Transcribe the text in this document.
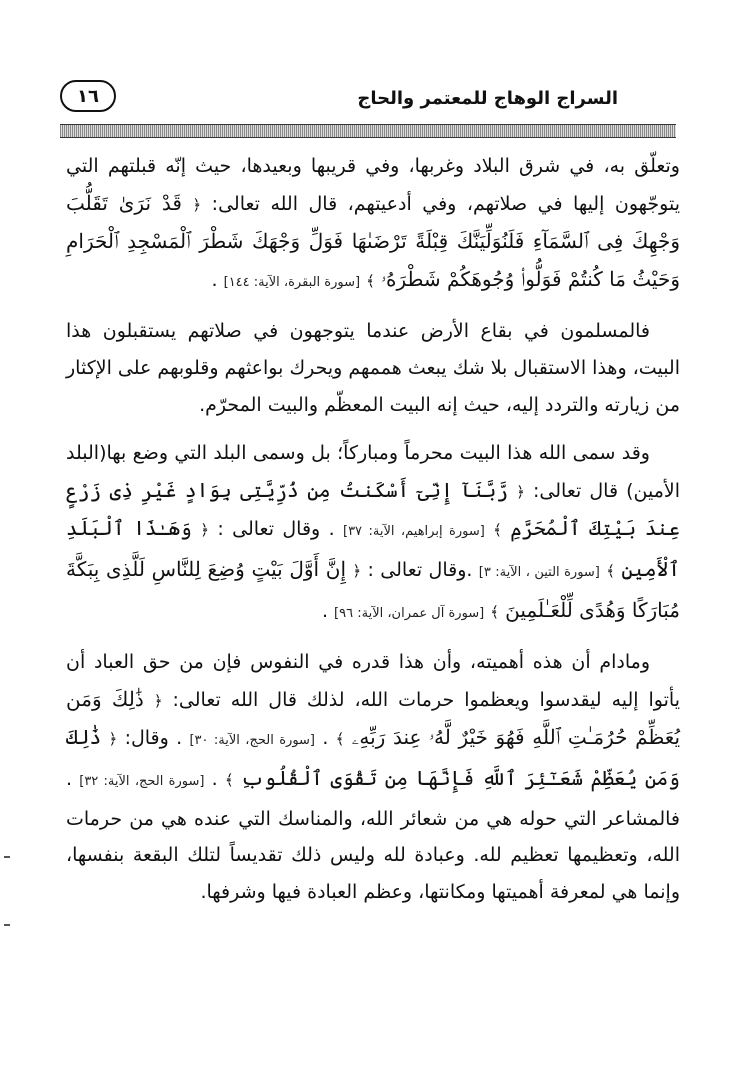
السراج الوهاج للمعتمر والحاج
١٦

وتعلّق به، في شرق البلاد وغربها، وفي قريبها وبعيدها، حيث إنّه قبلتهم التي يتوجّهون إليها في صلاتهم، وفي أدعيتهم، قال الله تعالى: ﴿ قَدْ نَرَىٰ تَقَلُّبَ وَجْهِكَ فِى ٱلسَّمَآءِ فَلَنُوَلِّيَنَّكَ قِبْلَةً تَرْضَىٰهَا فَوَلِّ وَجْهَكَ شَطْرَ ٱلْمَسْجِدِ ٱلْحَرَامِ وَحَيْثُ مَا كُنتُمْ فَوَلُّوا۟ وُجُوهَكُمْ شَطْرَهُۥ ﴾ [سورة البقرة، الآية: ١٤٤] .

فالمسلمون في بقاع الأرض عندما يتوجهون في صلاتهم يستقبلون هذا البيت، وهذا الاستقبال بلا شك يبعث هممهم ويحرك بواعثهم وقلوبهم على الإكثار من زيارته والتردد إليه، حيث إنه البيت المعظّم والبيت المحرّم.

وقد سمى الله هذا البيت محرماً ومباركاً؛ بل وسمى البلد التي وضع بها(البلد الأمين) قال تعالى: ﴿ رَّبَّنَآ إِنِّىٓ أَسْكَنتُ مِن ذُرِّيَّتِى بِوَادٍ غَيْرِ ذِى زَرْعٍ عِندَ بَيْتِكَ ٱلْمُحَرَّمِ ﴾ [سورة إبراهيم، الآية: ٣٧] . وقال تعالى : ﴿ وَهَـٰذَا ٱلْبَلَدِ ٱلْأَمِينِ ﴾ [سورة التين ، الآية: ٣] .وقال تعالى : ﴿ إِنَّ أَوَّلَ بَيْتٍ وُضِعَ لِلنَّاسِ لَلَّذِى بِبَكَّةَ مُبَارَكًا وَهُدًى لِّلْعَـٰلَمِينَ ﴾ [سورة آل عمران، الآية: ٩٦] .

ومادام أن هذه أهميته، وأن هذا قدره في النفوس فإن من حق العباد أن يأتوا إليه ليقدسوا ويعظموا حرمات الله، لذلك قال الله تعالى: ﴿ ذَٰلِكَ وَمَن يُعَظِّمْ حُرُمَـٰتِ ٱللَّهِ فَهُوَ خَيْرٌ لَّهُۥ عِندَ رَبِّهِۦ ﴾ . [سورة الحج، الآية: ٣٠] . وقال: ﴿ ذَٰلِكَ وَمَن يُعَظِّمْ شَعَـٰٓئِرَ ٱللَّهِ فَإِنَّهَا مِن تَقْوَى ٱلْقُلُوبِ ﴾ . [سورة الحج، الآية: ٣٢] . فالمشاعر التي حوله هي من شعائر الله، والمناسك التي عنده هي من حرمات الله، وتعظيمها تعظيم لله. وعبادة لله وليس ذلك تقديساً لتلك البقعة بنفسها، وإنما هي لمعرفة أهميتها ومكانتها، وعظم العبادة فيها وشرفها.
